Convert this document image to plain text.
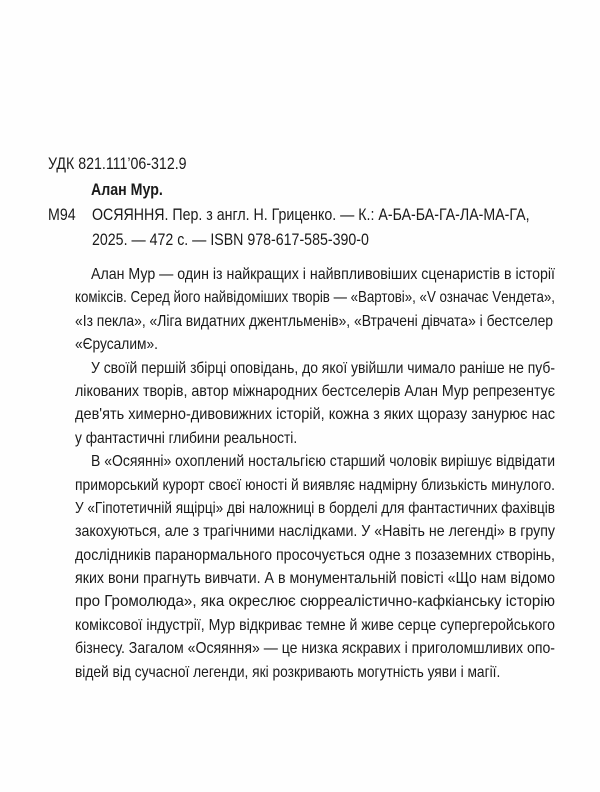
УДК 821.111’06-312.9
Алан Мур.
М94 ОСЯЯННЯ. Пер. з англ. Н. Гриценко. — К.: А-БА-БА-ГА-ЛА-МА-ГА,
2025. — 472 с. — ISBN 978-617-585-390-0
Алан Мур — один із найкращих і найвпливовіших сценаристів в історії
коміксів. Серед його найвідоміших творів — «Вартові», «V означає Vендета»,
«Із пекла», «Ліга видатних джентльменів», «Втрачені дівчата» і бестселер
«Єрусалим».
У своїй першій збірці оповідань, до якої увійшли чимало раніше не пуб-
лікованих творів, автор міжнародних бестселерів Алан Мур репрезентує
дев'ять химерно-дивовижних історій, кожна з яких щоразу занурює нас
у фантастичні глибини реальності.
В «Осяянні» охоплений ностальгією старший чоловік вирішує відвідати
приморський курорт своєї юності й виявляє надмірну близькість минулого.
У «Гіпотетичній ящірці» дві наложниці в борделі для фантастичних фахівців
закохуються, але з трагічними наслідками. У «Навіть не легенді» в групу
дослідників паранормального просочується одне з позаземних створінь,
яких вони прагнуть вивчати. А в монументальній повісті «Що нам відомо
про Громолюда», яка окреслює сюрреалістично-кафкіанську історію
коміксової індустрії, Мур відкриває темне й живе серце супергеройського
бізнесу. Загалом «Осяяння» — це низка яскравих і приголомшливих опо-
відей від сучасної легенди, які розкривають могутність уяви і магії.
